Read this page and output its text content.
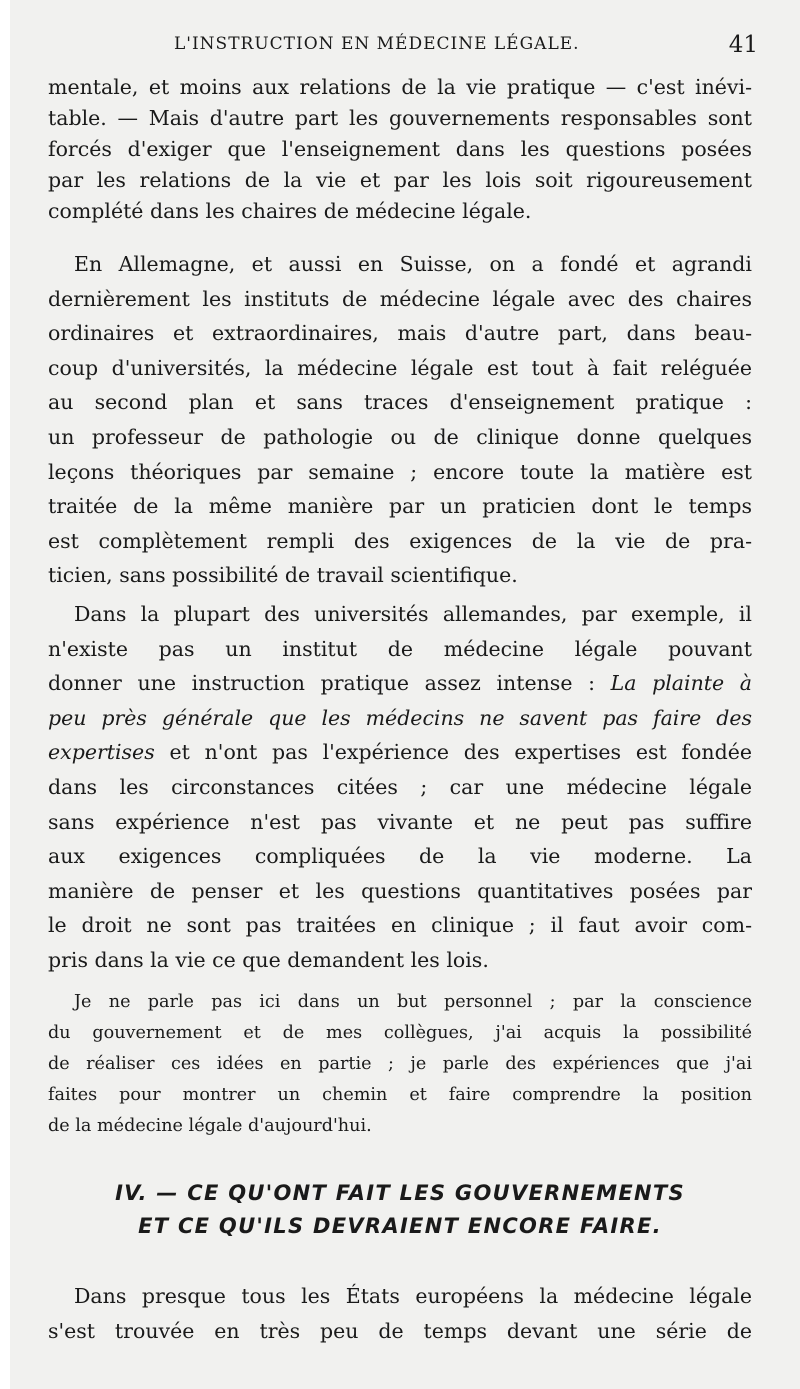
L'INSTRUCTION EN MÉDECINE LÉGALE.	41
mentale, et moins aux relations de la vie pratique — c'est inévi-
table. — Mais d'autre part les gouvernements responsables sont
forcés d'exiger que l'enseignement dans les questions posées
par les relations de la vie et par les lois soit rigoureusement
complété dans les chaires de médecine légale.
En Allemagne, et aussi en Suisse, on a fondé et agrandi
dernièrement les instituts de médecine légale avec des chaires
ordinaires et extraordinaires, mais d'autre part, dans beau-
coup d'universités, la médecine légale est tout à fait reléguée
au second plan et sans traces d'enseignement pratique :
un professeur de pathologie ou de clinique donne quelques
leçons théoriques par semaine ; encore toute la matière est
traitée de la même manière par un praticien dont le temps
est complètement rempli des exigences de la vie de pra-
ticien, sans possibilité de travail scientifique.
Dans la plupart des universités allemandes, par exemple, il
n'existe pas un institut de médecine légale pouvant
donner une instruction pratique assez intense : La plainte à
peu près générale que les médecins ne savent pas faire des
expertises et n'ont pas l'expérience des expertises est fondée
dans les circonstances citées ; car une médecine légale
sans expérience n'est pas vivante et ne peut pas suffire
aux exigences compliquées de la vie moderne. La
manière de penser et les questions quantitatives posées par
le droit ne sont pas traitées en clinique ; il faut avoir com-
pris dans la vie ce que demandent les lois.
Je ne parle pas ici dans un but personnel ; par la conscience
du gouvernement et de mes collègues, j'ai acquis la possibilité
de réaliser ces idées en partie ; je parle des expériences que j'ai
faites pour montrer un chemin et faire comprendre la position
de la médecine légale d'aujourd'hui.
IV. — CE QU'ONT FAIT LES GOUVERNEMENTS
ET CE QU'ILS DEVRAIENT ENCORE FAIRE.
Dans presque tous les États européens la médecine légale
s'est trouvée en très peu de temps devant une série de
